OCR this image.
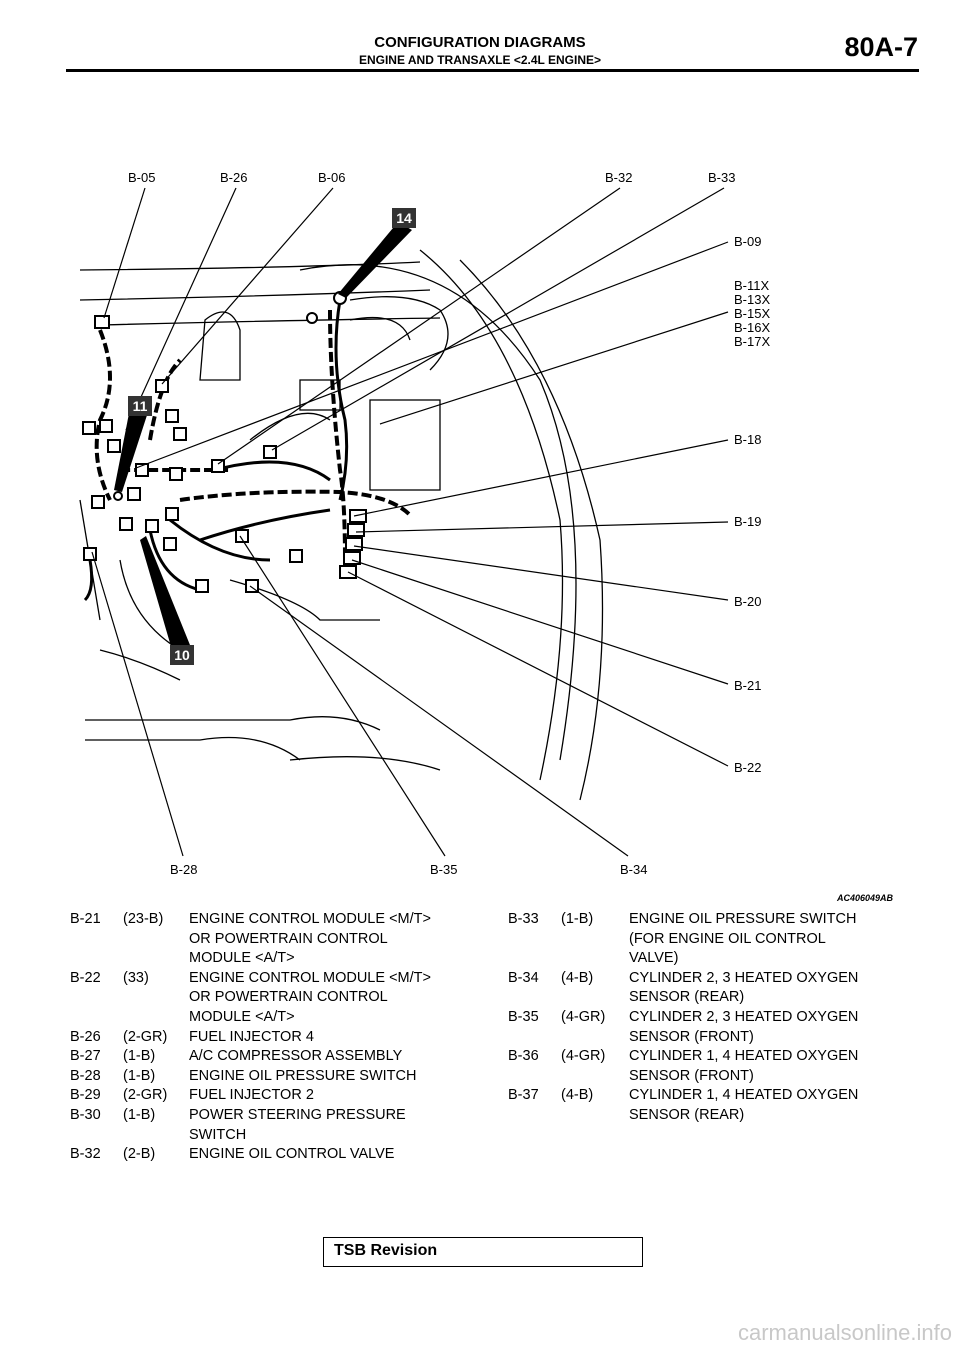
CONFIGURATION DIAGRAMS
ENGINE AND TRANSAXLE <2.4L ENGINE>	80A-7
14
11
10
B-05	B-26	B-06	B-32	B-33
B-09
B-11X
B-13X
B-15X
B-16X
B-17X
B-18
B-19
B-20
B-21
B-22
B-28	B-35	B-34
AC406049AB
B-21	(23-B)	ENGINE CONTROL MODULE <M/T>
OR POWERTRAIN CONTROL
MODULE <A/T>
B-22	(33)	ENGINE CONTROL MODULE <M/T>
OR POWERTRAIN CONTROL
MODULE <A/T>
B-26	(2-GR)	FUEL INJECTOR 4
B-27	(1-B)	A/C COMPRESSOR ASSEMBLY
B-28	(1-B)	ENGINE OIL PRESSURE SWITCH
B-29	(2-GR)	FUEL INJECTOR 2
B-30	(1-B)	POWER STEERING PRESSURE
SWITCH
B-32	(2-B)	ENGINE OIL CONTROL VALVE
B-33	(1-B)	ENGINE OIL PRESSURE SWITCH
(FOR ENGINE OIL CONTROL
VALVE)
B-34	(4-B)	CYLINDER 2, 3 HEATED OXYGEN
SENSOR (REAR)
B-35	(4-GR)	CYLINDER 2, 3 HEATED OXYGEN
SENSOR (FRONT)
B-36	(4-GR)	CYLINDER 1, 4 HEATED OXYGEN
SENSOR (FRONT)
B-37	(4-B)	CYLINDER 1, 4 HEATED OXYGEN
SENSOR (REAR)
TSB Revision
carmanualsonline.info
